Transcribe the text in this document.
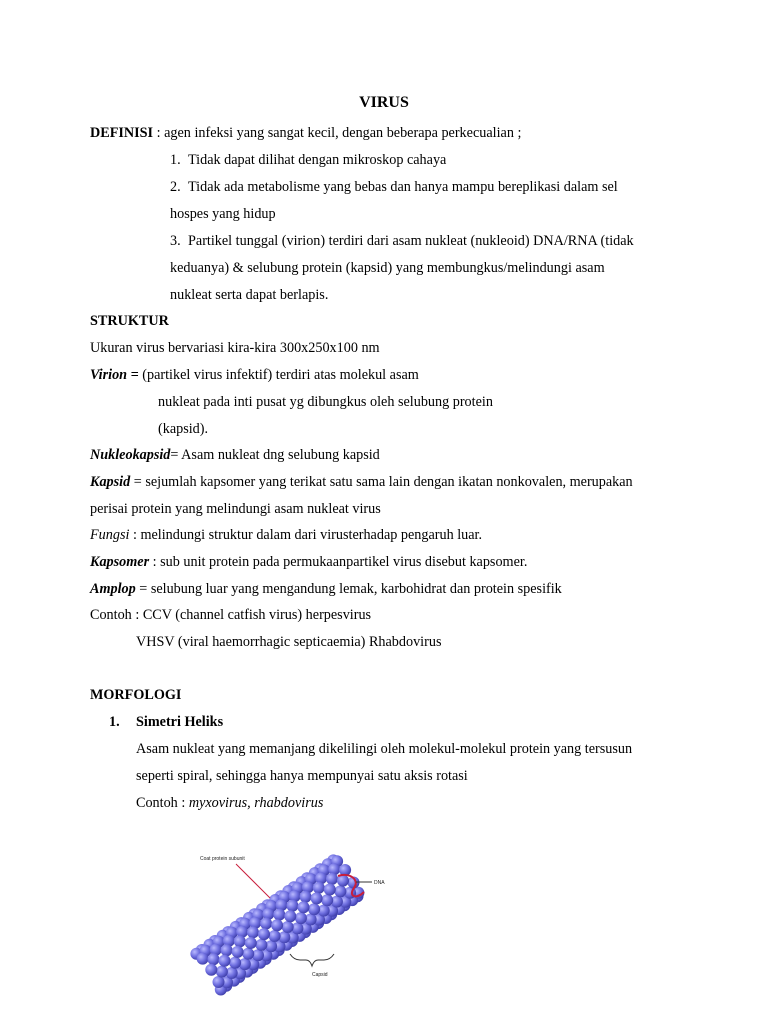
VIRUS
DEFINISI : agen infeksi yang sangat kecil, dengan beberapa perkecualian ;
1. Tidak dapat dilihat dengan mikroskop cahaya
2. Tidak ada metabolisme yang bebas dan hanya mampu bereplikasi dalam sel
hospes yang hidup
3. Partikel tunggal (virion) terdiri dari asam nukleat (nukleoid) DNA/RNA (tidak
keduanya) & selubung protein (kapsid) yang membungkus/melindungi asam
nukleat serta dapat berlapis.
STRUKTUR
Ukuran virus bervariasi kira-kira 300x250x100 nm
Virion = (partikel virus infektif) terdiri atas molekul asam
nukleat pada inti pusat yg dibungkus oleh selubung protein
(kapsid).
Nukleokapsid= Asam nukleat dng selubung kapsid
Kapsid = sejumlah kapsomer yang terikat satu sama lain dengan ikatan nonkovalen, merupakan
perisai protein yang melindungi asam nukleat virus
Fungsi : melindungi struktur dalam dari virusterhadap pengaruh luar.
Kapsomer : sub unit protein pada permukaanpartikel virus disebut kapsomer.
Amplop = selubung luar yang mengandung lemak, karbohidrat dan protein spesifik
Contoh : CCV (channel catfish virus) herpesvirus
VHSV (viral haemorrhagic septicaemia) Rhabdovirus
MORFOLOGI
1. Simetri Heliks
Asam nukleat yang memanjang dikelilingi oleh molekul-molekul protein yang tersusun
seperti spiral, sehingga hanya mempunyai satu aksis rotasi
Contoh : myxovirus, rhabdovirus
Coat protein subunit
DNA
Capsid
